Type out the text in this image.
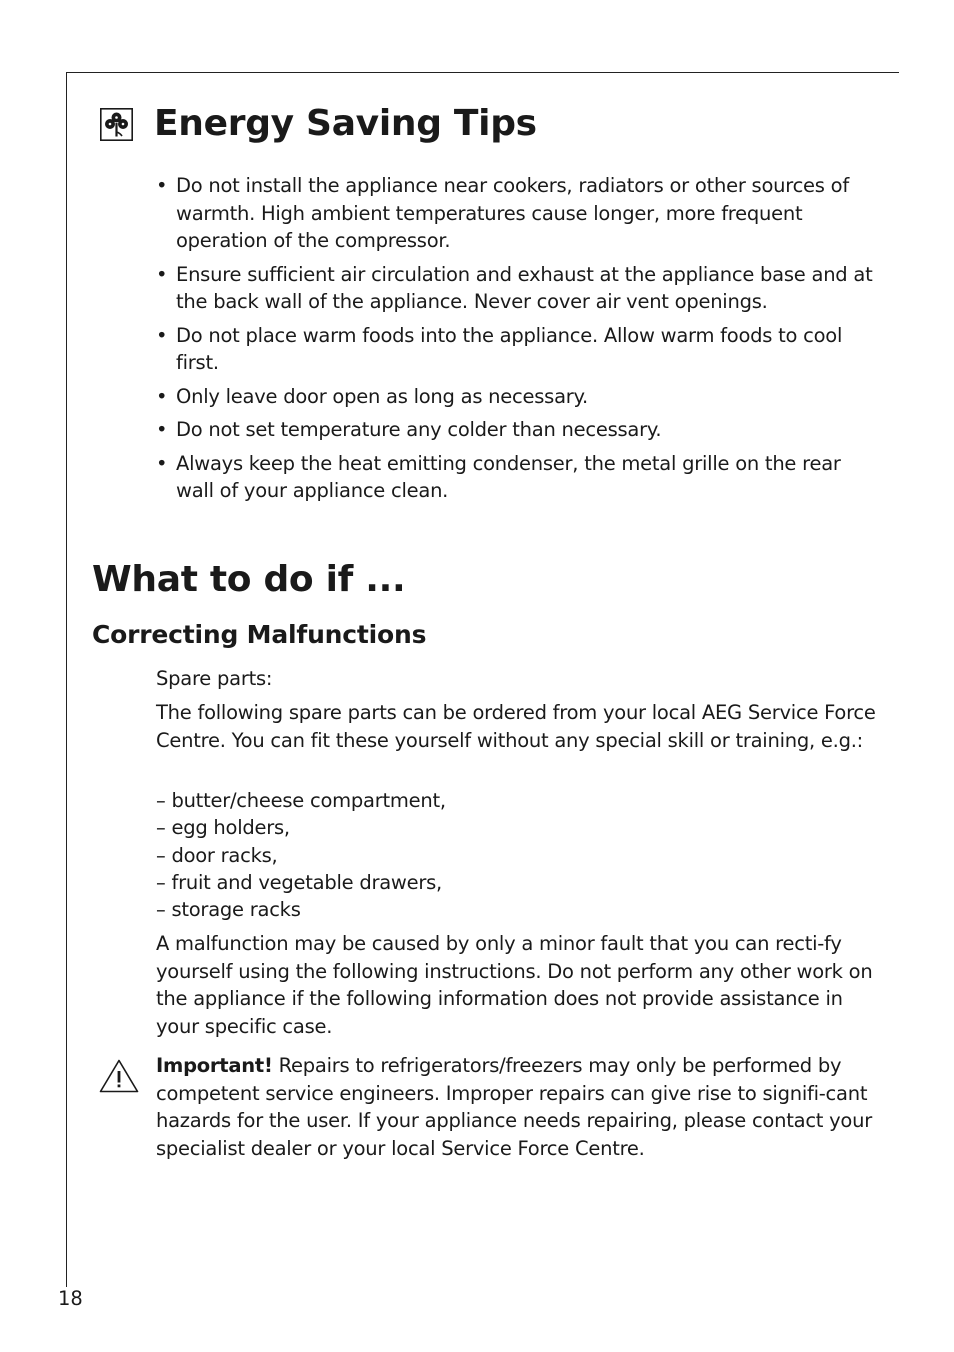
Energy Saving Tips
• Do not install the appliance near cookers, radiators or other sources of warmth. High ambient temperatures cause longer, more frequent operation of the compressor.
• Ensure sufficient air circulation and exhaust at the appliance base and at the back wall of the appliance. Never cover air vent openings.
• Do not place warm foods into the appliance. Allow warm foods to cool first.
• Only leave door open as long as necessary.
• Do not set temperature any colder than necessary.
• Always keep the heat emitting condenser, the metal grille on the rear wall of your appliance clean.
What to do if ...
Correcting Malfunctions

Spare parts:

The following spare parts can be ordered from your local AEG Service Force Centre. You can fit these yourself without any special skill or training, e.g.:

– butter/cheese compartment,
– egg holders,
– door racks,
– fruit and vegetable drawers,
– storage racks

A malfunction may be caused by only a minor fault that you can recti-fy yourself using the following instructions. Do not perform any other work on the appliance if the following information does not provide assistance in your specific case.

Important! Repairs to refrigerators/freezers may only be performed by competent service engineers. Improper repairs can give rise to signifi-cant hazards for the user. If your appliance needs repairing, please contact your specialist dealer or your local Service Force Centre.

18
